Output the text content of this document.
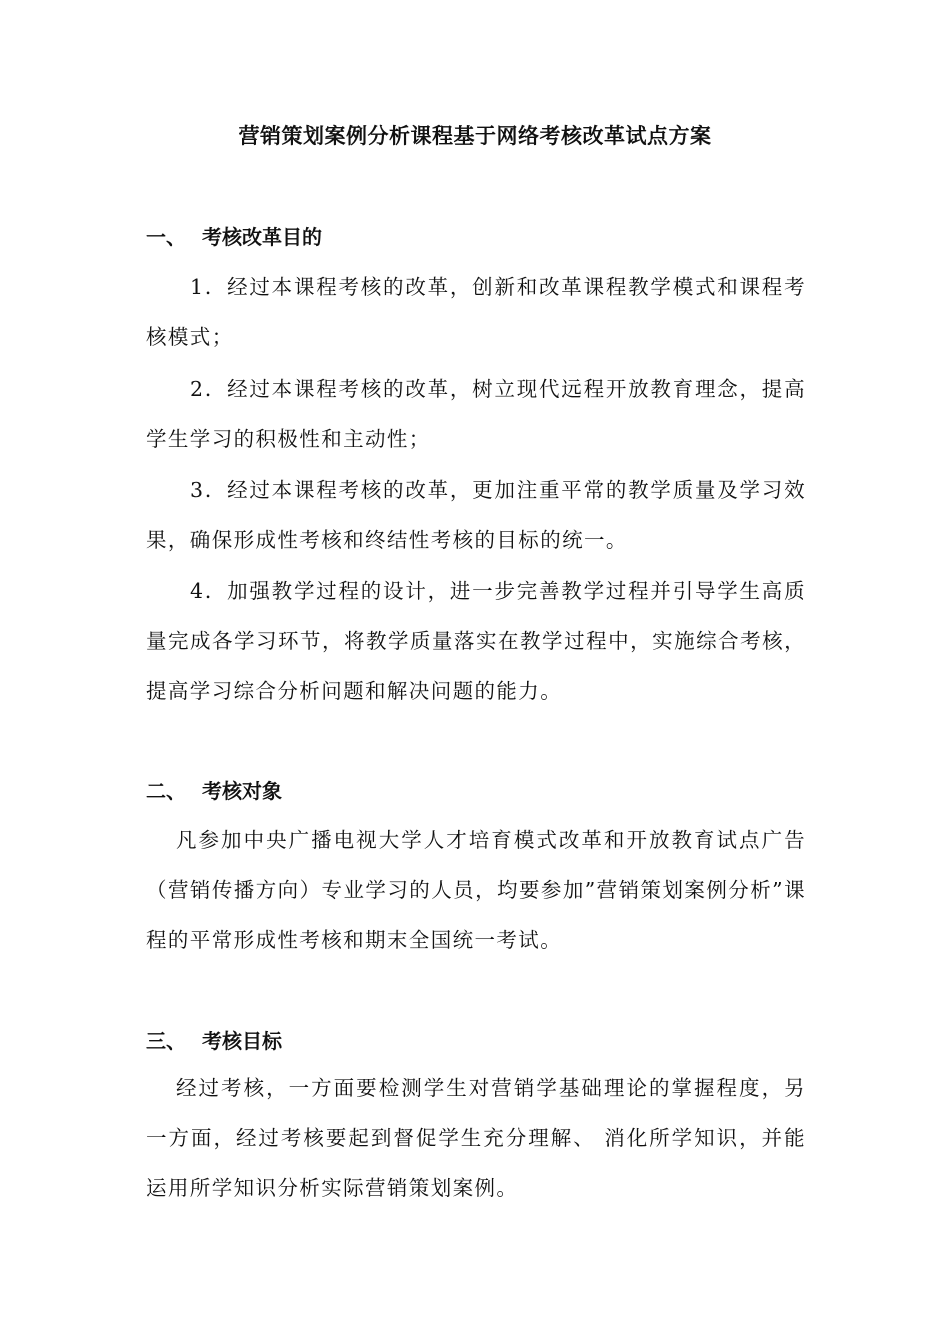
营销策划案例分析课程基于网络考核改革试点方案
一、 考核改革目的

1．经过本课程考核的改革，创新和改革课程教学模式和课程考核模式；

2．经过本课程考核的改革，树立现代远程开放教育理念，提高学生学习的积极性和主动性；

3．经过本课程考核的改革，更加注重平常的教学质量及学习效果，确保形成性考核和终结性考核的目标的统一。

4．加强教学过程的设计，进一步完善教学过程并引导学生高质量完成各学习环节，将教学质量落实在教学过程中，实施综合考核，提高学习综合分析问题和解决问题的能力。

二、 考核对象

凡参加中央广播电视大学人才培育模式改革和开放教育试点广告（营销传播方向）专业学习的人员，均要参加”营销策划案例分析”课程的平常形成性考核和期末全国统一考试。

三、 考核目标

经过考核，一方面要检测学生对营销学基础理论的掌握程度，另一方面，经过考核要起到督促学生充分理解、 消化所学知识，并能运用所学知识分析实际营销策划案例。
